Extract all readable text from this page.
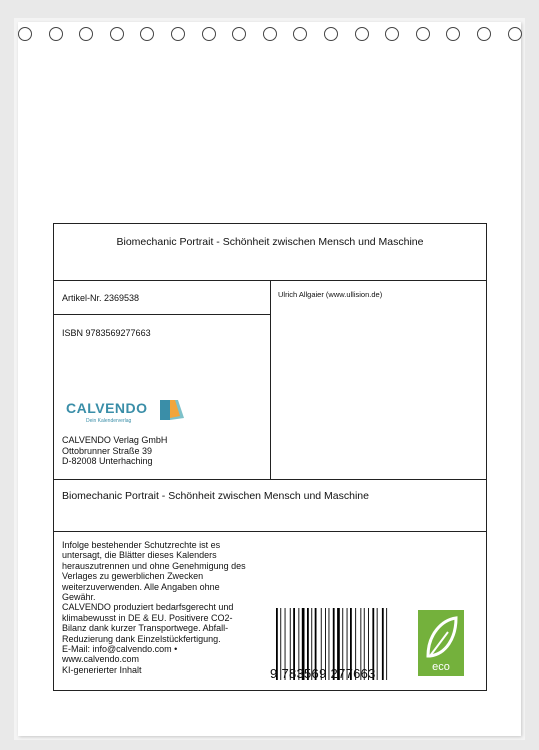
Biomechanic Portrait - Schönheit zwischen Mensch und Maschine
Artikel-Nr. 2369538
ISBN 9783569277663
CALVENDO
Dein Kalenderverlag
CALVENDO Verlag GmbH
Ottobrunner Straße 39
D-82008 Unterhaching
Ulrich Allgaier (www.ullision.de)
Biomechanic Portrait - Schönheit zwischen Mensch und Maschine
Infolge bestehender Schutzrechte ist es
untersagt, die Blätter dieses Kalenders
herauszutrennen und ohne Genehmigung des
Verlages zu gewerblichen Zwecken
weiterzuverwenden. Alle Angaben ohne
Gewähr.
CALVENDO produziert bedarfsgerecht und
klimabewusst in DE & EU. Positivere CO2-
Bilanz dank kurzer Transportwege. Abfall-
Reduzierung dank Einzelstückfertigung.
E-Mail: info@calvendo.com •
www.calvendo.com
KI-generierter Inhalt	9 783569 277663	eco
